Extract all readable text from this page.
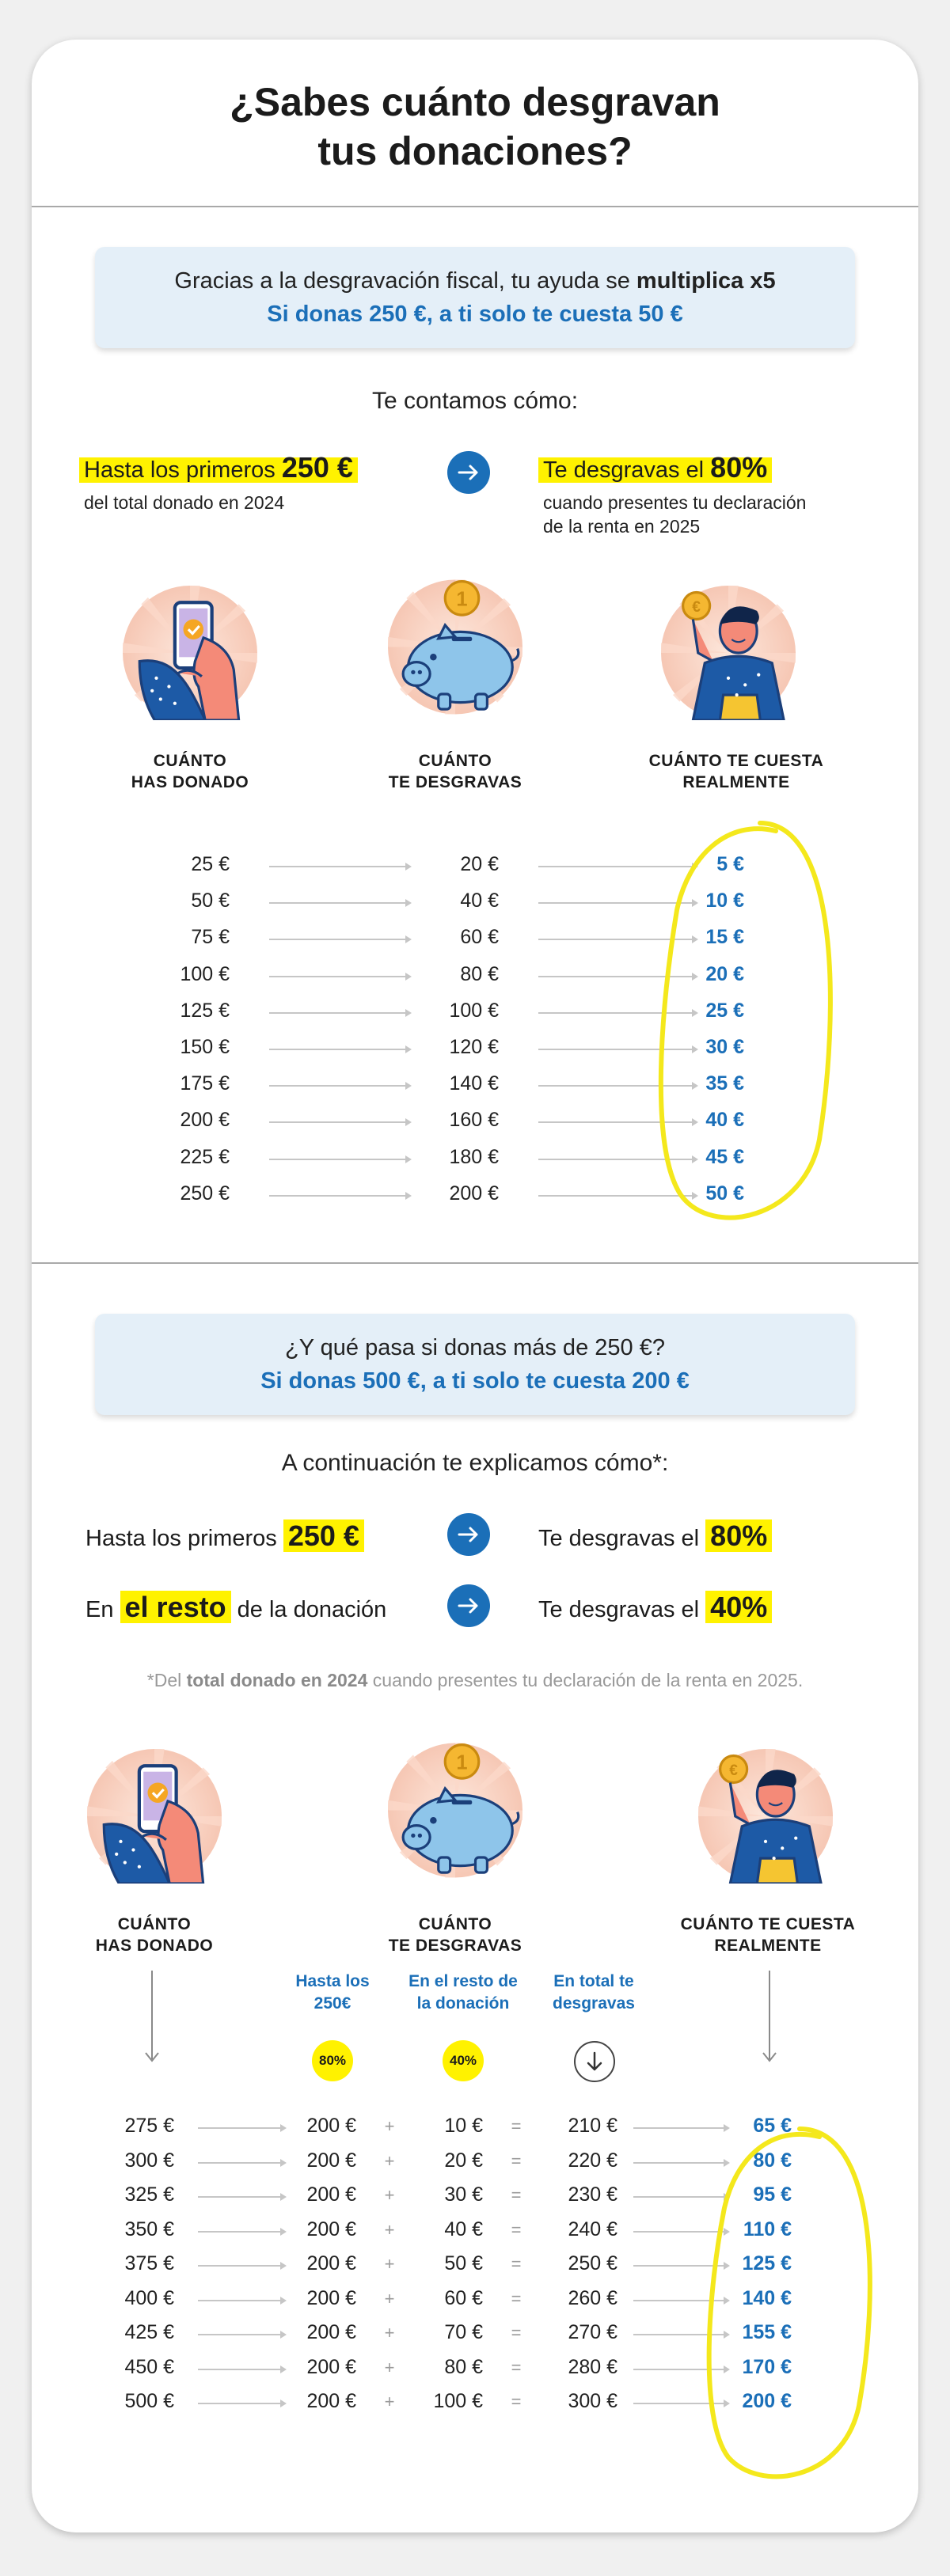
¿Sabes cuánto desgravan
tus donaciones?
Gracias a la desgravación fiscal, tu ayuda se multiplica x5
Si donas 250 €, a ti solo te cuesta 50 €
Te contamos cómo:
Hasta los primeros 250 €
del total donado en 2024
Te desgravas el 80%
cuando presentes tu declaración
de la renta en 2025
CUÁNTO
HAS DONADO
CUÁNTO
TE DESGRAVAS
CUÁNTO TE CUESTA
REALMENTE
25 €	20 €	5 €
50 €	40 €	10 €
75 €	60 €	15 €
100 €	80 €	20 €
125 €	100 €	25 €
150 €	120 €	30 €
175 €	140 €	35 €
200 €	160 €	40 €
225 €	180 €	45 €
250 €	200 €	50 €
¿Y qué pasa si donas más de 250 €?
Si donas 500 €, a ti solo te cuesta 200 €
A continuación te explicamos cómo*:
Hasta los primeros 250 €	Te desgravas el 80%
En el resto de la donación	Te desgravas el 40%
*Del total donado en 2024 cuando presentes tu declaración de la renta en 2025.
CUÁNTO
HAS DONADO
CUÁNTO
TE DESGRAVAS
CUÁNTO TE CUESTA
REALMENTE
Hasta los
250€
En el resto de
la donación
En total te
desgravas
80%	40%
275 €	200 €	+	10 €	=	210 €	65 €
300 €	200 €	+	20 €	=	220 €	80 €
325 €	200 €	+	30 €	=	230 €	95 €
350 €	200 €	+	40 €	=	240 €	110 €
375 €	200 €	+	50 €	=	250 €	125 €
400 €	200 €	+	60 €	=	260 €	140 €
425 €	200 €	+	70 €	=	270 €	155 €
450 €	200 €	+	80 €	=	280 €	170 €
500 €	200 €	+	100 €	=	300 €	200 €
